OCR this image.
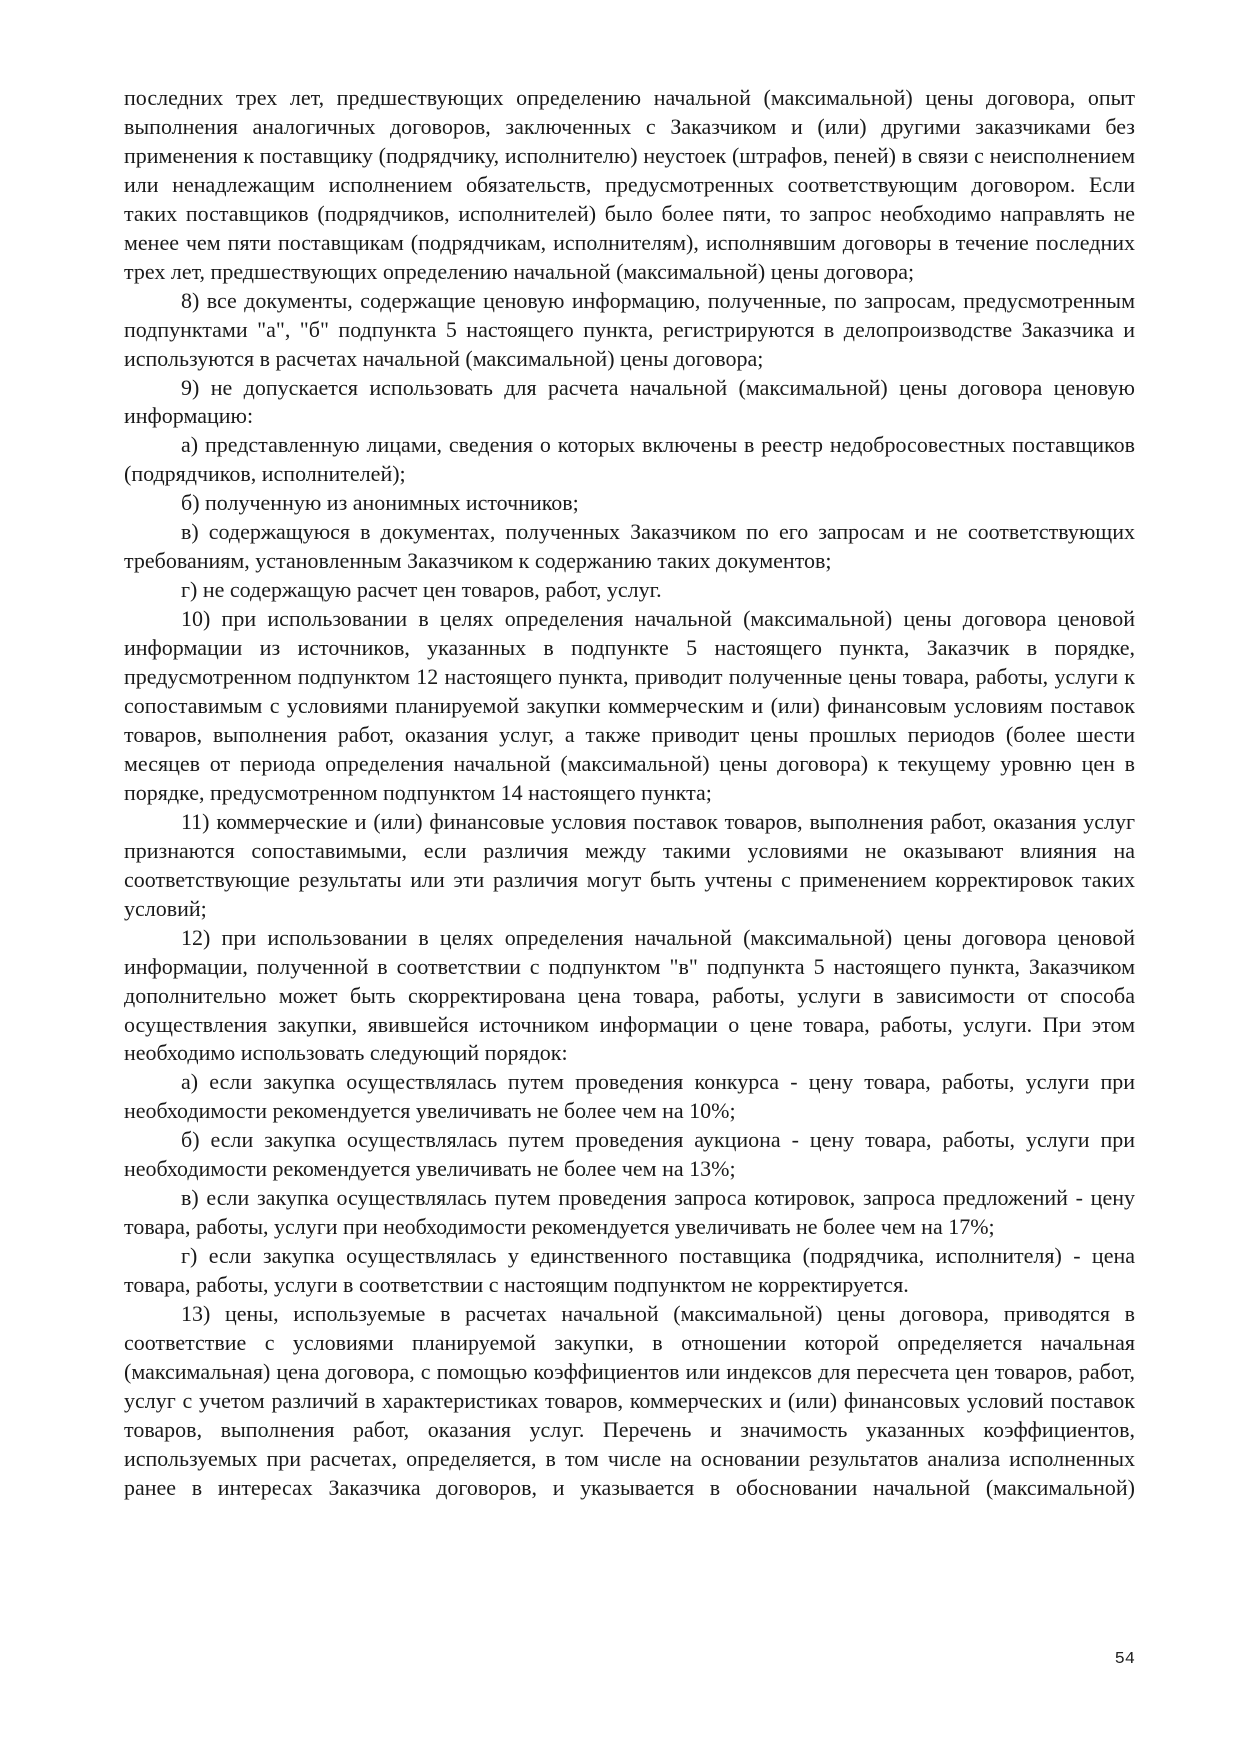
последних трех лет, предшествующих определению начальной (максимальной) цены договора, опыт выполнения аналогичных договоров, заключенных с Заказчиком и (или) другими заказчиками без применения к поставщику (подрядчику, исполнителю) неустоек (штрафов, пеней) в связи с неисполнением или ненадлежащим исполнением обязательств, предусмотренных соответствующим договором. Если таких поставщиков (подрядчиков, исполнителей) было более пяти, то запрос необходимо направлять не менее чем пяти поставщикам (подрядчикам, исполнителям), исполнявшим договоры в течение последних трех лет, предшествующих определению начальной (максимальной) цены договора;

8) все документы, содержащие ценовую информацию, полученные, по запросам, предусмотренным подпунктами "а", "б" подпункта 5 настоящего пункта, регистрируются в делопроизводстве Заказчика и используются в расчетах начальной (максимальной) цены договора;

9) не допускается использовать для расчета начальной (максимальной) цены договора ценовую информацию:

а) представленную лицами, сведения о которых включены в реестр недобросовестных поставщиков (подрядчиков, исполнителей);

б) полученную из анонимных источников;

в) содержащуюся в документах, полученных Заказчиком по его запросам и не соответствующих требованиям, установленным Заказчиком к содержанию таких документов;

г) не содержащую расчет цен товаров, работ, услуг.

10) при использовании в целях определения начальной (максимальной) цены договора ценовой информации из источников, указанных в подпункте 5 настоящего пункта, Заказчик в порядке, предусмотренном подпунктом 12 настоящего пункта, приводит полученные цены товара, работы, услуги к сопоставимым с условиями планируемой закупки коммерческим и (или) финансовым условиям поставок товаров, выполнения работ, оказания услуг, а также приводит цены прошлых периодов (более шести месяцев от периода определения начальной (максимальной) цены договора) к текущему уровню цен в порядке, предусмотренном подпунктом 14 настоящего пункта;

11) коммерческие и (или) финансовые условия поставок товаров, выполнения работ, оказания услуг признаются сопоставимыми, если различия между такими условиями не оказывают влияния на соответствующие результаты или эти различия могут быть учтены с применением корректировок таких условий;

12) при использовании в целях определения начальной (максимальной) цены договора ценовой информации, полученной в соответствии с подпунктом "в" подпункта 5 настоящего пункта, Заказчиком дополнительно может быть скорректирована цена товара, работы, услуги в зависимости от способа осуществления закупки, явившейся источником информации о цене товара, работы, услуги. При этом необходимо использовать следующий порядок:

а) если закупка осуществлялась путем проведения конкурса - цену товара, работы, услуги при необходимости рекомендуется увеличивать не более чем на 10%;

б) если закупка осуществлялась путем проведения аукциона - цену товара, работы, услуги при необходимости рекомендуется увеличивать не более чем на 13%;

в) если закупка осуществлялась путем проведения запроса котировок, запроса предложений - цену товара, работы, услуги при необходимости рекомендуется увеличивать не более чем на 17%;

г) если закупка осуществлялась у единственного поставщика (подрядчика, исполнителя) - цена товара, работы, услуги в соответствии с настоящим подпунктом не корректируется.

13) цены, используемые в расчетах начальной (максимальной) цены договора, приводятся в соответствие с условиями планируемой закупки, в отношении которой определяется начальная (максимальная) цена договора, с помощью коэффициентов или индексов для пересчета цен товаров, работ, услуг с учетом различий в характеристиках товаров, коммерческих и (или) финансовых условий поставок товаров, выполнения работ, оказания услуг. Перечень и значимость указанных коэффициентов, используемых при расчетах, определяется, в том числе на основании результатов анализа исполненных ранее в интересах Заказчика договоров, и указывается в обосновании начальной (максимальной)

54
